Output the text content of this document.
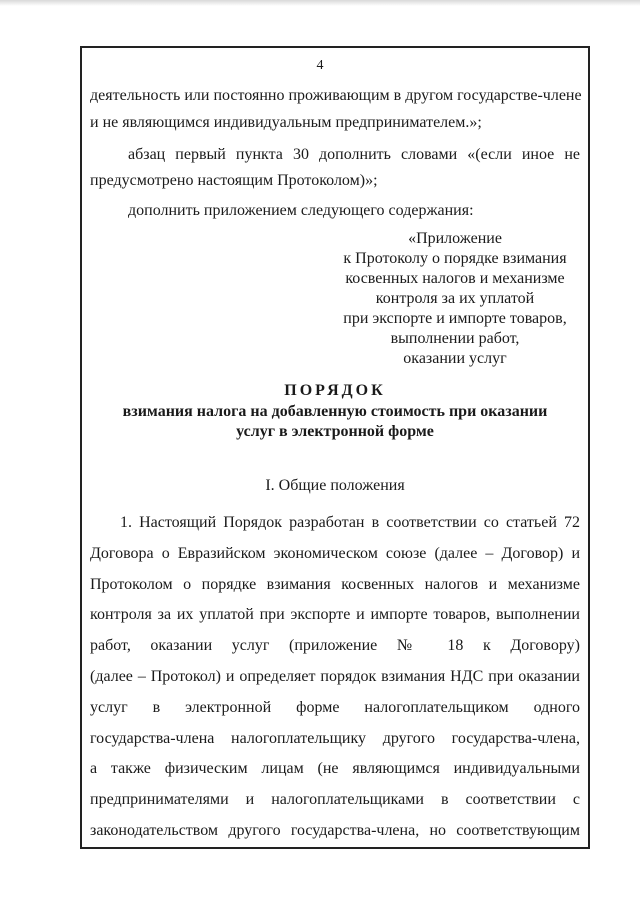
4
деятельность или постоянно проживающим в другом государстве-члене
и не являющимся индивидуальным предпринимателем.»;
абзац первый пункта 30 дополнить словами «(если иное не
предусмотрено настоящим Протоколом)»;
дополнить приложением следующего содержания:
«Приложение
к Протоколу о порядке взимания
косвенных налогов и механизме
контроля за их уплатой
при экспорте и импорте товаров,
выполнении работ,
оказании услуг
ПОРЯДОК
взимания налога на добавленную стоимость при оказании
услуг в электронной форме
I. Общие положения
1. Настоящий Порядок разработан в соответствии со статьей 72
Договора о Евразийском экономическом союзе (далее – Договор) и
Протоколом о порядке взимания косвенных налогов и механизме
контроля за их уплатой при экспорте и импорте товаров, выполнении
работ, оказании услуг (приложение № 18 к Договору)
(далее – Протокол) и определяет порядок взимания НДС при оказании
услуг в электронной форме налогоплательщиком одного
государства-члена налогоплательщику другого государства-члена,
а также физическим лицам (не являющимся индивидуальными
предпринимателями и налогоплательщиками в соответствии с
законодательством другого государства-члена, но соответствующим
